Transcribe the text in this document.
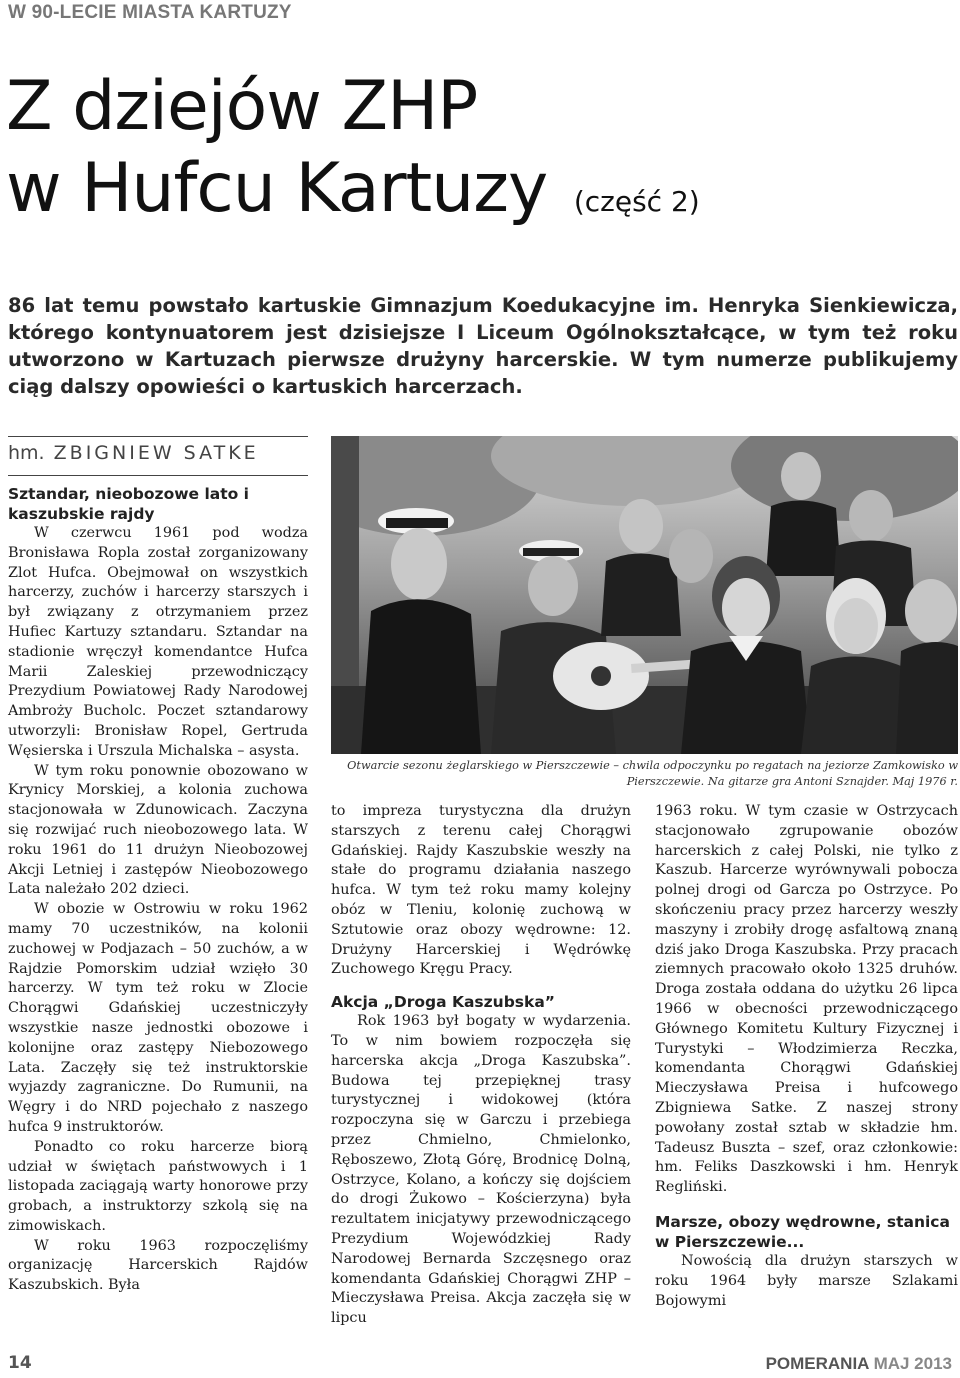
W 90-LECIE MIASTA KARTUZY
Z dziejów ZHP
w Hufcu Kartuzy (część 2)

86 lat temu powstało kartuskie Gimnazjum Koedukacyjne im. Henryka Sienkiewicza, którego kontynuatorem jest dzisiejsze I Liceum Ogólnokształcące, w tym też roku utworzono w Kartuzach pierwsze drużyny harcerskie. W tym numerze publikujemy ciąg dalszy opowieści o kartuskich harcerzach.

hm. ZBIGNIEW SATKE
Sztandar, nieobozowe lato i kaszubskie rajdy

W czerwcu 1961 pod wodza Bronisława Ropla został zorganizowany Zlot Hufca. Obejmował on wszystkich harcerzy, zuchów i harcerzy starszych i był związany z otrzymaniem przez Hufiec Kartuzy sztandaru. Sztandar na stadionie wręczył komendantce Hufca Marii Zaleskiej przewodniczący Prezydium Powiatowej Rady Narodowej Ambroży Bucholc. Poczet sztandarowy utworzyli: Bronisław Ropel, Gertruda Węsierska i Urszula Michalska – asysta.

W tym roku ponownie obozowano w Krynicy Morskiej, a kolonia zuchowa stacjonowała w Zdunowicach. Zaczyna się rozwijać ruch nieobozowego lata. W roku 1961 do 11 drużyn Nieobozowej Akcji Letniej i zastępów Nieobozowego Lata należało 202 dzieci.

W obozie w Ostrowiu w roku 1962 mamy 70 uczestników, na kolonii zuchowej w Podjazach – 50 zuchów, a w Rajdzie Pomorskim udział wzięło 30 harcerzy. W tym też roku w Zlocie Chorągwi Gdańskiej uczestniczyły wszystkie nasze jednostki obozowe i kolonijne oraz zastępy Niebozowego Lata. Zaczęły się też instruktorskie wyjazdy zagraniczne. Do Rumunii, na Węgry i do NRD pojechało z naszego hufca 9 instruktorów.

Ponadto co roku harcerze biorą udział w świętach państwowych i 1 listopada zaciągają warty honorowe przy grobach, a instruktorzy szkolą się na zimowiskach.

W roku 1963 rozpoczęliśmy organizację Harcerskich Rajdów Kaszubskich. Była

Otwarcie sezonu żeglarskiego w Pierszczewie – chwila odpoczynku po regatach na jeziorze Zamkowisko w Pierszczewie. Na gitarze gra Antoni Sznajder. Maj 1976 r.

to impreza turystyczna dla drużyn starszych z terenu całej Chorągwi Gdańskiej. Rajdy Kaszubskie weszły na stałe do programu działania naszego hufca. W tym też roku mamy kolejny obóz w Tleniu, kolonię zuchową w Sztutowie oraz obozy wędrowne: 12. Drużyny Harcerskiej i Wędrówkę Zuchowego Kręgu Pracy.

Akcja „Droga Kaszubska”

Rok 1963 był bogaty w wydarzenia. To w nim bowiem rozpoczęła się harcerska akcja „Droga Kaszubska”. Budowa tej przepięknej trasy turystycznej i widokowej (która rozpoczyna się w Garczu i przebiega przez Chmielno, Chmielonko, Ręboszewo, Złotą Górę, Brodnicę Dolną, Ostrzyce, Kolano, a kończy się dojściem do drogi Żukowo – Kościerzyna) była rezultatem inicjatywy przewodniczącego Prezydium Wojewódzkiej Rady Narodowej Bernarda Szczęsnego oraz komendanta Gdańskiej Chorągwi ZHP – Mieczysława Preisa. Akcja zaczęła się w lipcu

1963 roku. W tym czasie w Ostrzycach stacjonowało zgrupowanie obozów harcerskich z całej Polski, nie tylko z Kaszub. Harcerze wyrównywali pobocza polnej drogi od Garcza po Ostrzyce. Po skończeniu pracy przez harcerzy weszły maszyny i zrobiły drogę asfaltową znaną dziś jako Droga Kaszubska. Przy pracach ziemnych pracowało około 1325 druhów. Droga została oddana do użytku 26 lipca 1966 w obecności przewodniczącego Głównego Komitetu Kultury Fizycznej i Turystyki – Włodzimierza Reczka, komendanta Chorągwi Gdańskiej Mieczysława Preisa i hufcowego Zbigniewa Satke. Z naszej strony powołany został sztab w składzie hm. Tadeusz Buszta – szef, oraz członkowie: hm. Feliks Daszkowski i hm. Henryk Regliński.

Marsze, obozy wędrowne, stanica w Pierszczewie...

Nowością dla drużyn starszych w roku 1964 były marsze Szlakami Bojowymi

14	POMERANIA MAJ 2013
